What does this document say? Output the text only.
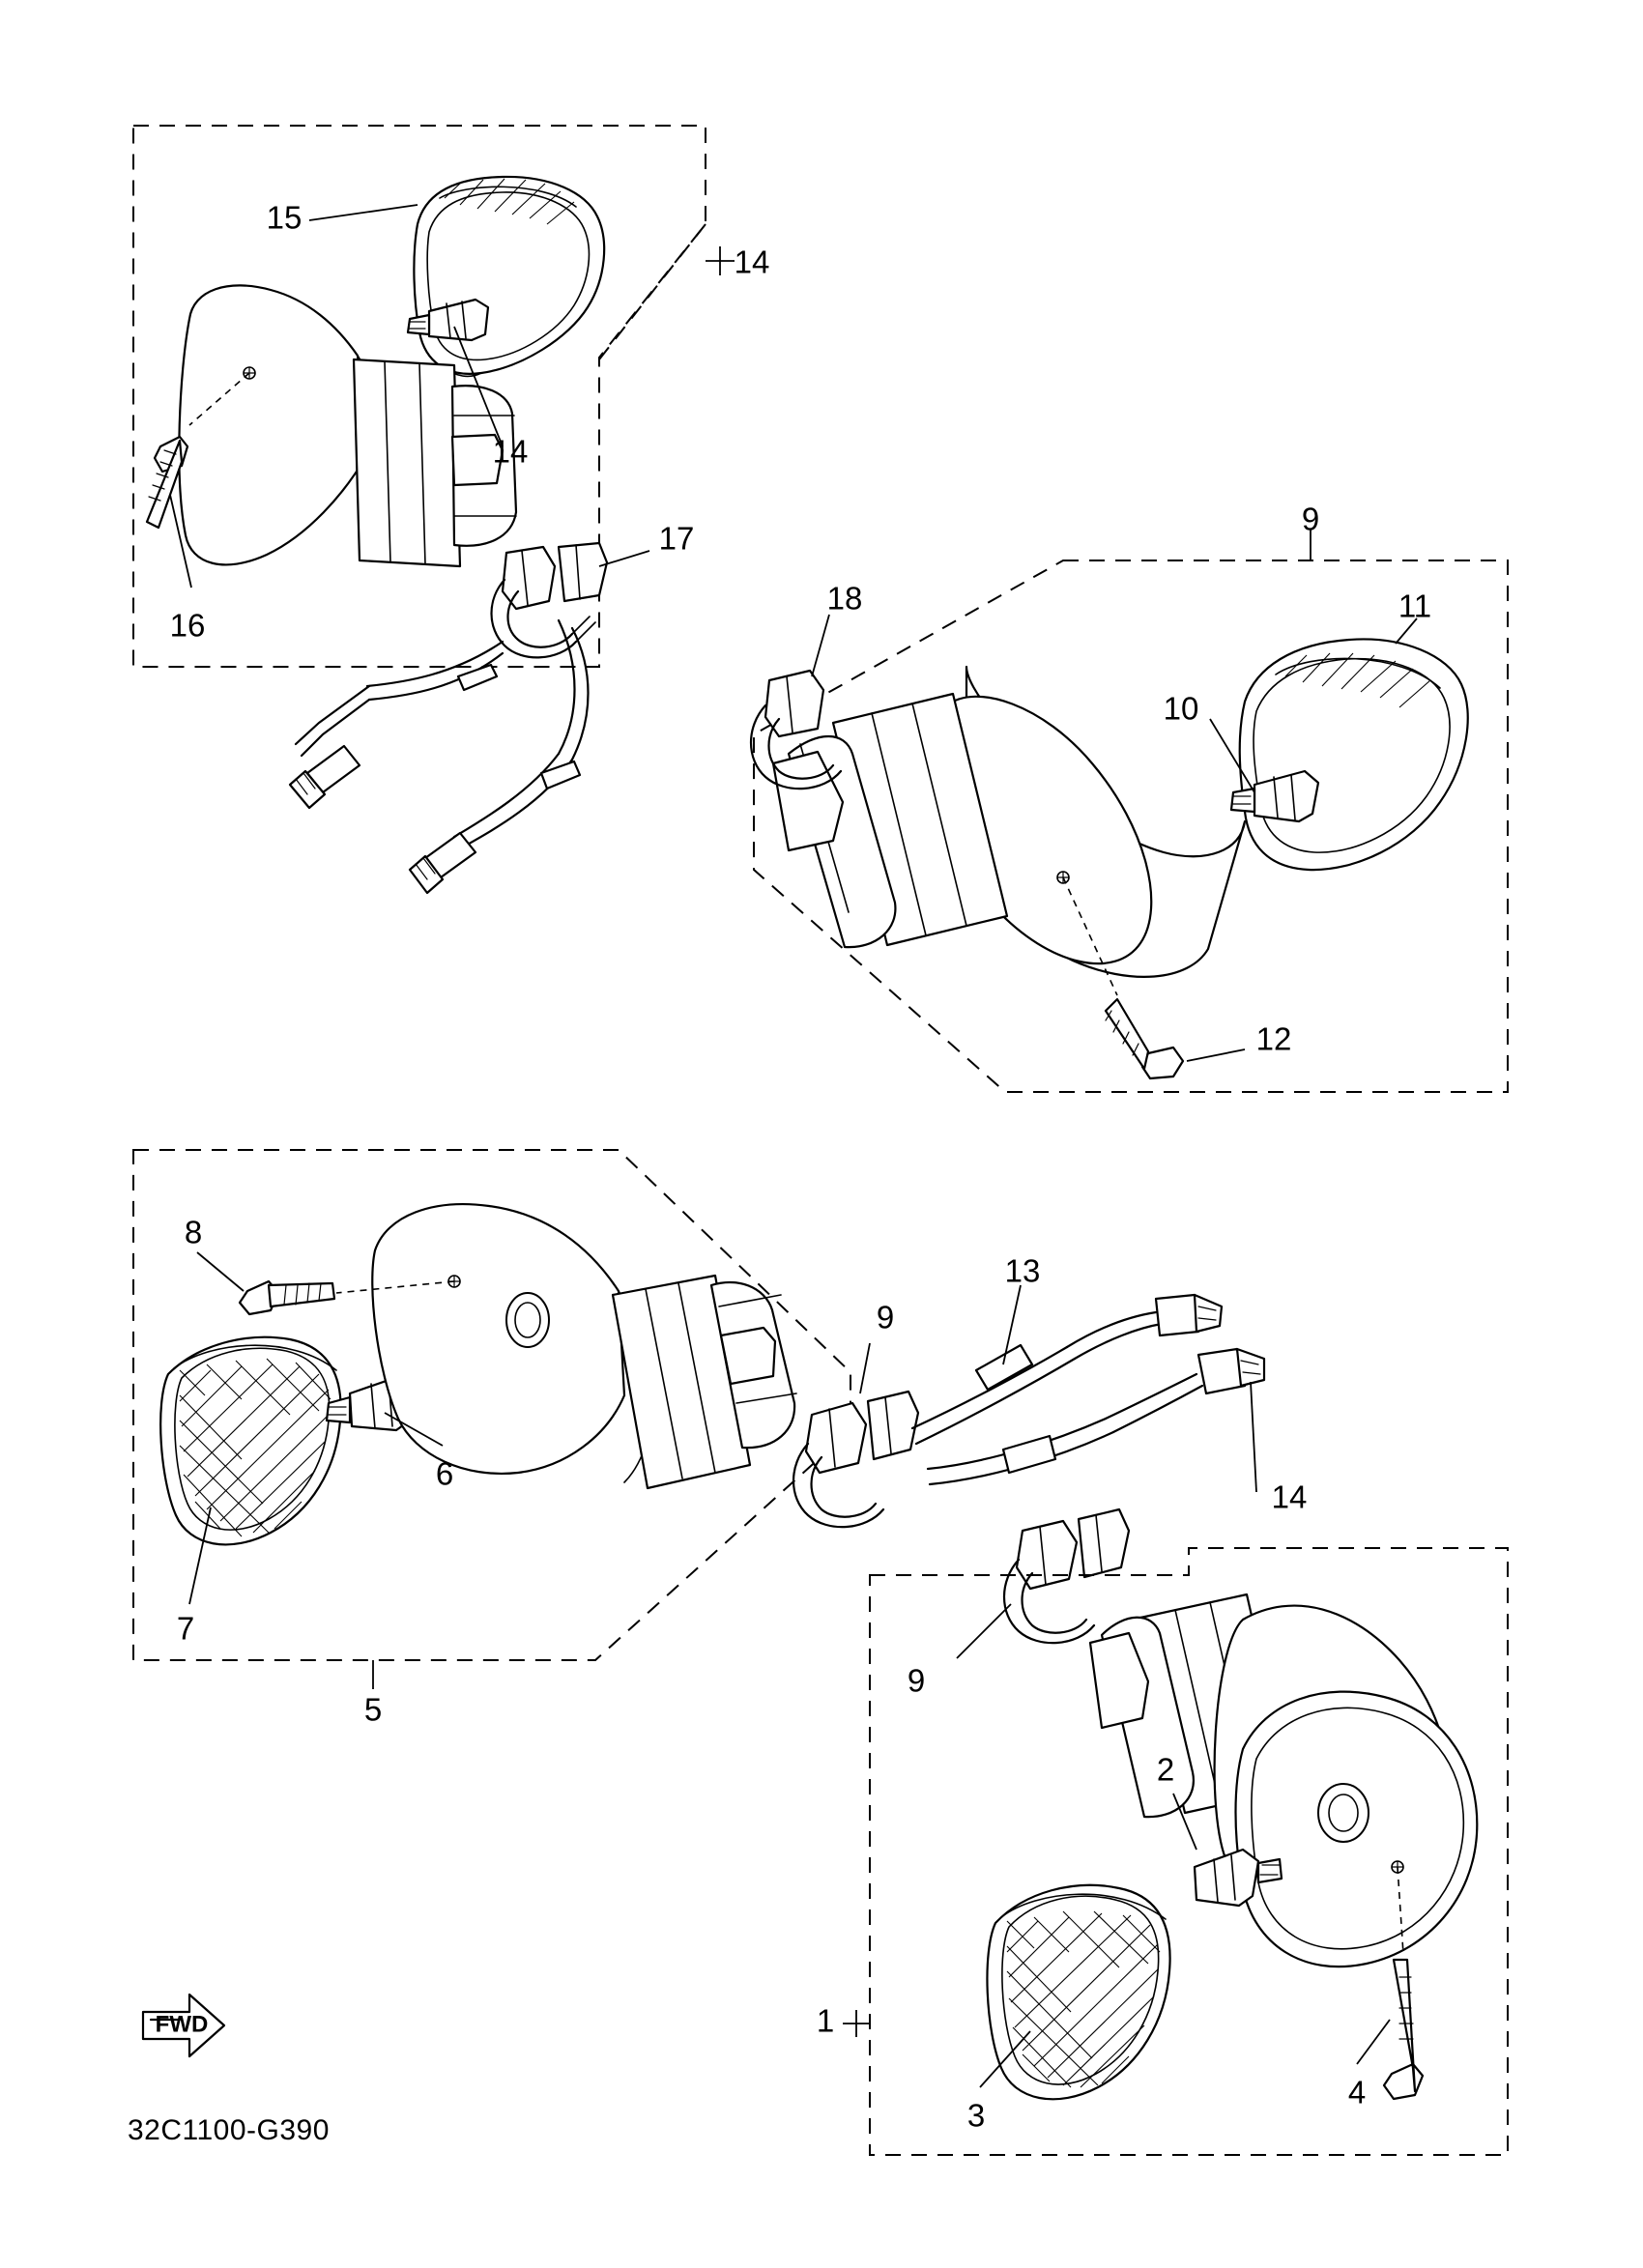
15
14
16
14
17
18
9
10
11
12
13
14
8
7
6
5
9
9
2
3
4
1
FWD
32C1100-G390
